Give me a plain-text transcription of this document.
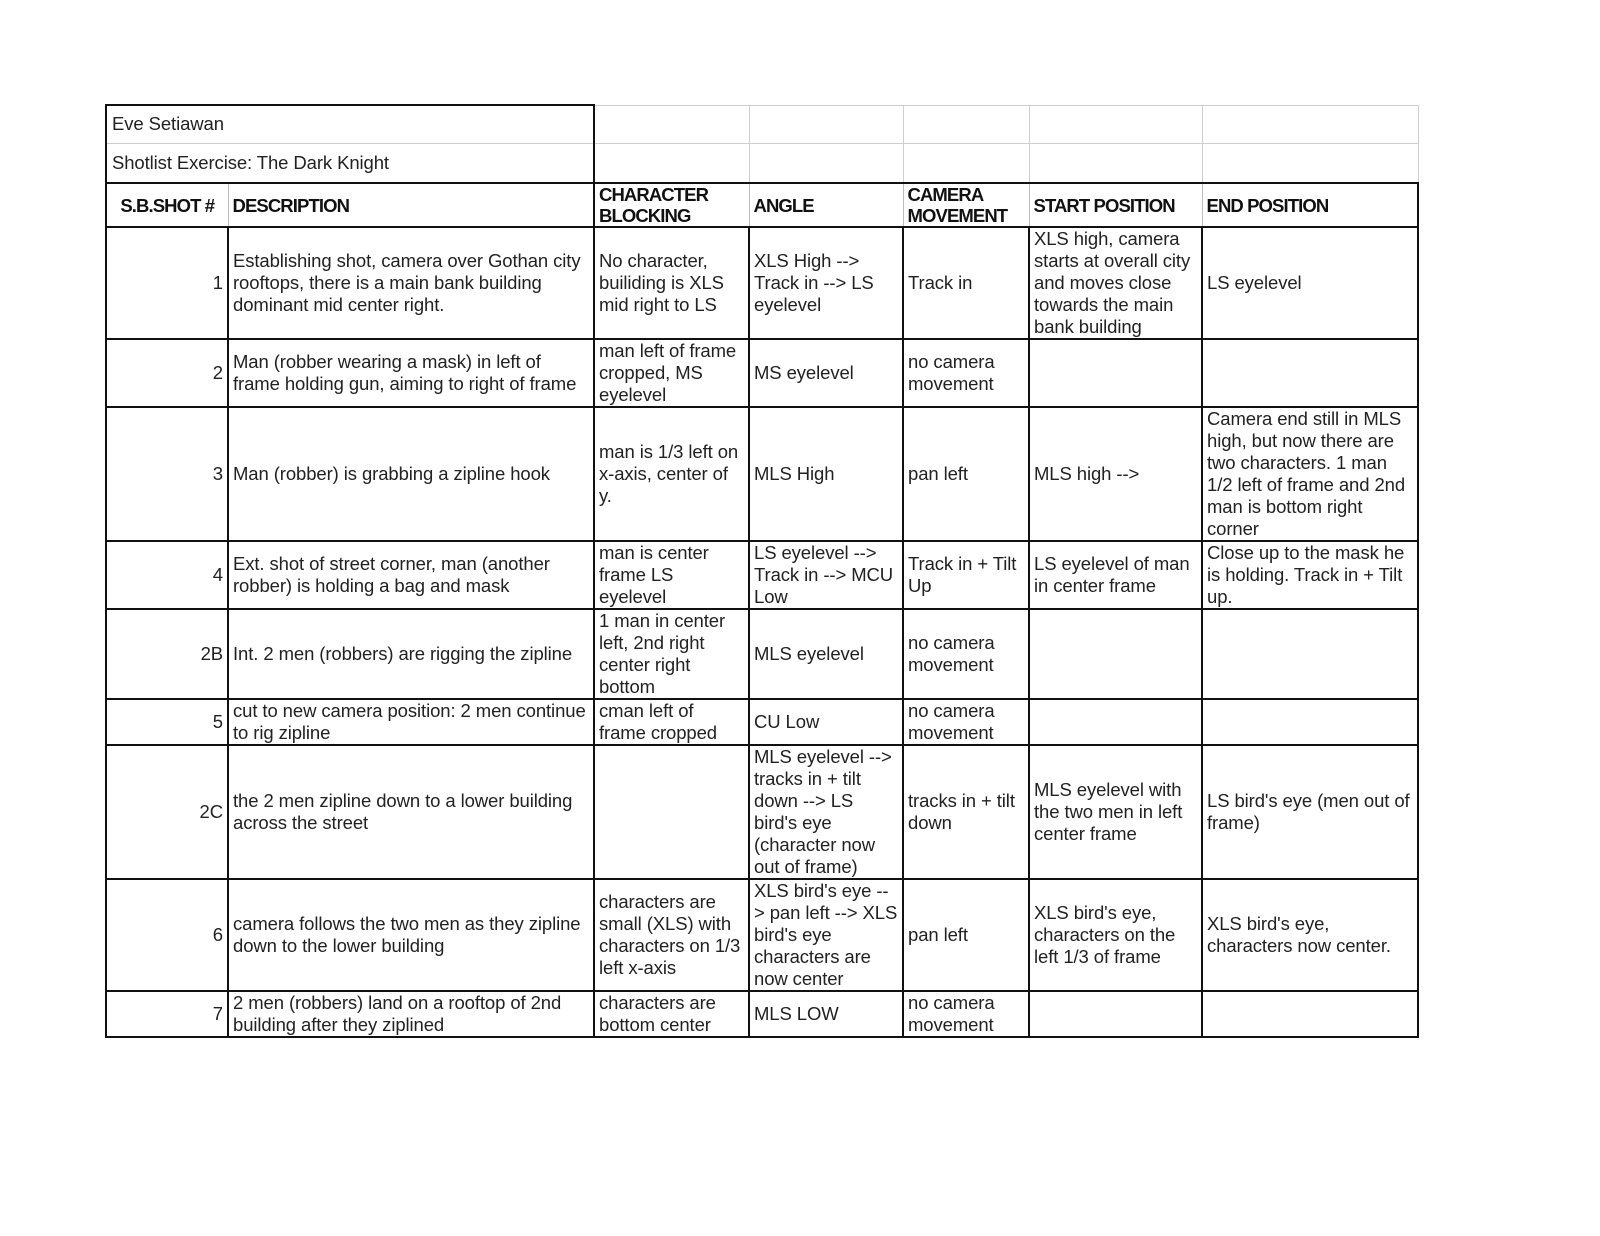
Eve Setiawan						
Shotlist Exercise: The Dark Knight						
S.B.SHOT #	DESCRIPTION	CHARACTER BLOCKING	ANGLE	CAMERA MOVEMENT	START POSITION	END POSITION
1	Establishing shot, camera over Gothan city rooftops, there is a main bank building dominant mid center right.	No character, builiding is XLS mid right to LS	XLS High --> Track in --> LS eyelevel	Track in	XLS high, camera starts at overall city and moves close towards the main bank building	LS eyelevel
2	Man (robber wearing a mask) in left of frame holding gun, aiming to right of frame	man left of frame cropped, MS eyelevel	MS eyelevel	no camera movement		
3	Man (robber) is grabbing a zipline hook	man is 1/3 left on x-axis, center of y.	MLS High	pan left	MLS high -->	Camera end still in MLS high, but now there are two characters. 1 man 1/2 left of frame and 2nd man is bottom right corner
4	Ext. shot of street corner, man (another robber) is holding a bag and mask	man is center frame LS eyelevel	LS eyelevel --> Track in --> MCU Low	Track in + Tilt Up	LS eyelevel of man in center frame	Close up to the mask he is holding. Track in + Tilt up.
2B	Int. 2 men (robbers) are rigging the zipline	1 man in center left, 2nd right center right bottom	MLS eyelevel	no camera movement		
5	cut to new camera position: 2 men continue to rig zipline	cman left of frame cropped	CU Low	no camera movement		
2C	the 2 men zipline down to a lower building across the street		MLS eyelevel --> tracks in + tilt down --> LS bird's eye (character now out of frame)	tracks in + tilt down	MLS eyelevel with the two men in left center frame	LS bird's eye (men out of frame)
6	camera follows the two men as they zipline down to the lower building	characters are small (XLS) with characters on 1/3 left x-axis	XLS bird's eye --> pan left --> XLS bird's eye characters are now center	pan left	XLS bird's eye, characters on the left 1/3 of frame	XLS bird's eye, characters now center.
7	2 men (robbers) land on a rooftop of 2nd building after they ziplined	characters are bottom center	MLS LOW	no camera movement		
